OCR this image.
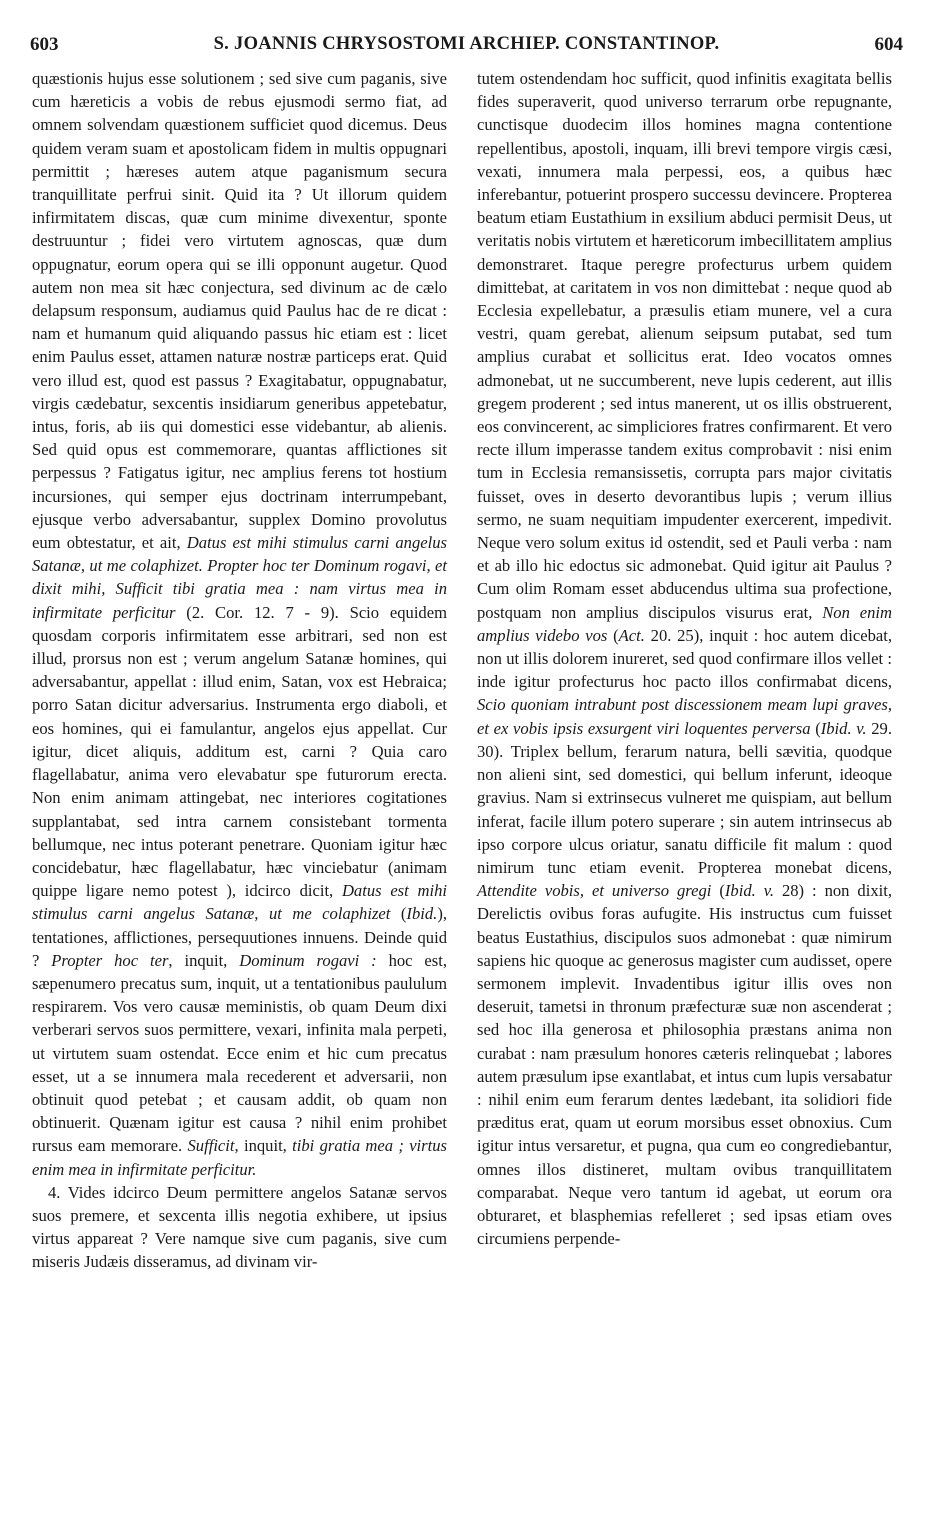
603	S. JOANNIS CHRYSOSTOMI ARCHIEP. CONSTANTINOP.	604

quæstionis hujus esse solutionem ; sed sive cum paganis, sive cum hæreticis a vobis de rebus ejusmodi sermo fiat, ad omnem solvendam quæstionem sufficiet quod dicemus. Deus quidem veram suam et apostolicam fidem in multis oppugnari permittit ; hæreses autem atque paganismum secura tranquillitate perfrui sinit. Quid ita ? Ut illorum quidem infirmitatem discas, quæ cum minime divexentur, sponte destruuntur ; fidei vero virtutem agnoscas, quæ dum oppugnatur, eorum opera qui se illi opponunt augetur. Quod autem non mea sit hæc conjectura, sed divinum ac de cælo delapsum responsum, audiamus quid Paulus hac de re dicat : nam et humanum quid aliquando passus hic etiam est : licet enim Paulus esset, attamen naturæ nostræ particeps erat. Quid vero illud est, quod est passus ? Exagitabatur, oppugnabatur, virgis cædebatur, sexcentis insidiarum generibus appetebatur, intus, foris, ab iis qui domestici esse videbantur, ab alienis. Sed quid opus est commemorare, quantas afflictiones sit perpessus ? Fatigatus igitur, nec amplius ferens tot hostium incursiones, qui semper ejus doctrinam interrumpebant, ejusque verbo adversabantur, supplex Domino provolutus eum obtestatur, et ait, Datus est mihi stimulus carni angelus Satanæ, ut me colaphizet. Propter hoc ter Dominum rogavi, et dixit mihi, Sufficit tibi gratia mea : nam virtus mea in infirmitate perficitur (2. Cor. 12. 7 - 9). Scio equidem quosdam corporis infirmitatem esse arbitrari, sed non est illud, prorsus non est ; verum angelum Satanæ homines, qui adversabantur, appellat : illud enim, Satan, vox est Hebraica; porro Satan dicitur adversarius. Instrumenta ergo diaboli, et eos homines, qui ei famulantur, angelos ejus appellat. Cur igitur, dicet aliquis, additum est, carni ? Quia caro flagellabatur, anima vero elevabatur spe futurorum erecta. Non enim animam attingebat, nec interiores cogitationes supplantabat, sed intra carnem consistebant tormenta bellumque, nec intus poterant penetrare. Quoniam igitur hæc concidebatur, hæc flagellabatur, hæc vinciebatur (animam quippe ligare nemo potest ), idcirco dicit, Datus est mihi stimulus carni angelus Satanæ, ut me colaphizet (Ibid.), tentationes, afflictiones, persequutiones innuens. Deinde quid ? Propter hoc ter, inquit, Dominum rogavi : hoc est, sæpenumero precatus sum, inquit, ut a tentationibus paululum respirarem. Vos vero causæ meministis, ob quam Deum dixi verberari servos suos permittere, vexari, infinita mala perpeti, ut virtutem suam ostendat. Ecce enim et hic cum precatus esset, ut a se innumera mala recederent et adversarii, non obtinuit quod petebat ; et causam addit, ob quam non obtinuerit. Quænam igitur est causa ? nihil enim prohibet rursus eam memorare. Sufficit, inquit, tibi gratia mea ; virtus enim mea in infirmitate perficitur.

4. Vides idcirco Deum permittere angelos Satanæ servos suos premere, et sexcenta illis negotia exhibere, ut ipsius virtus appareat ? Vere namque sive cum paganis, sive cum miseris Judæis disseramus, ad divinam vir-

tutem ostendendam hoc sufficit, quod infinitis exagitata bellis fides superaverit, quod universo terrarum orbe repugnante, cunctisque duodecim illos homines magna contentione repellentibus, apostoli, inquam, illi brevi tempore virgis cæsi, vexati, innumera mala perpessi, eos, a quibus hæc inferebantur, potuerint prospero successu devincere. Propterea beatum etiam Eustathium in exsilium abduci permisit Deus, ut veritatis nobis virtutem et hæreticorum imbecillitatem amplius demonstraret. Itaque peregre profecturus urbem quidem dimittebat, at caritatem in vos non dimittebat : neque quod ab Ecclesia expellebatur, a præsulis etiam munere, vel a cura vestri, quam gerebat, alienum seipsum putabat, sed tum amplius curabat et sollicitus erat. Ideo vocatos omnes admonebat, ut ne succumberent, neve lupis cederent, aut illis gregem proderent ; sed intus manerent, ut os illis obstruerent, eos convincerent, ac simpliciores fratres confirmarent. Et vero recte illum imperasse tandem exitus comprobavit : nisi enim tum in Ecclesia remansissetis, corrupta pars major civitatis fuisset, oves in deserto devorantibus lupis ; verum illius sermo, ne suam nequitiam impudenter exercerent, impedivit. Neque vero solum exitus id ostendit, sed et Pauli verba : nam et ab illo hic edoctus sic admonebat. Quid igitur ait Paulus ? Cum olim Romam esset abducendus ultima sua profectione, postquam non amplius discipulos visurus erat, Non enim amplius videbo vos (Act. 20. 25), inquit : hoc autem dicebat, non ut illis dolorem inureret, sed quod confirmare illos vellet : inde igitur profecturus hoc pacto illos confirmabat dicens, Scio quoniam intrabunt post discessionem meam lupi graves, et ex vobis ipsis exsurgent viri loquentes perversa (Ibid. v. 29. 30). Triplex bellum, ferarum natura, belli sævitia, quodque non alieni sint, sed domestici, qui bellum inferunt, ideoque gravius. Nam si extrinsecus vulneret me quispiam, aut bellum inferat, facile illum potero superare ; sin autem intrinsecus ab ipso corpore ulcus oriatur, sanatu difficile fit malum : quod nimirum tunc etiam evenit. Propterea monebat dicens, Attendite vobis, et universo gregi (Ibid. v. 28) : non dixit, Derelictis ovibus foras aufugite. His instructus cum fuisset beatus Eustathius, discipulos suos admonebat : quæ nimirum sapiens hic quoque ac generosus magister cum audisset, opere sermonem implevit. Invadentibus igitur illis oves non deseruit, tametsi in thronum præfecturæ suæ non ascenderat ; sed hoc illa generosa et philosophia præstans anima non curabat : nam præsulum honores cæteris relinquebat ; labores autem præsulum ipse exantlabat, et intus cum lupis versabatur : nihil enim eum ferarum dentes lædebant, ita solidiori fide præditus erat, quam ut eorum morsibus esset obnoxius. Cum igitur intus versaretur, et pugna, qua cum eo congrediebantur, omnes illos distineret, multam ovibus tranquillitatem comparabat. Neque vero tantum id agebat, ut eorum ora obturaret, et blasphemias refelleret ; sed ipsas etiam oves circumiens perpende-
